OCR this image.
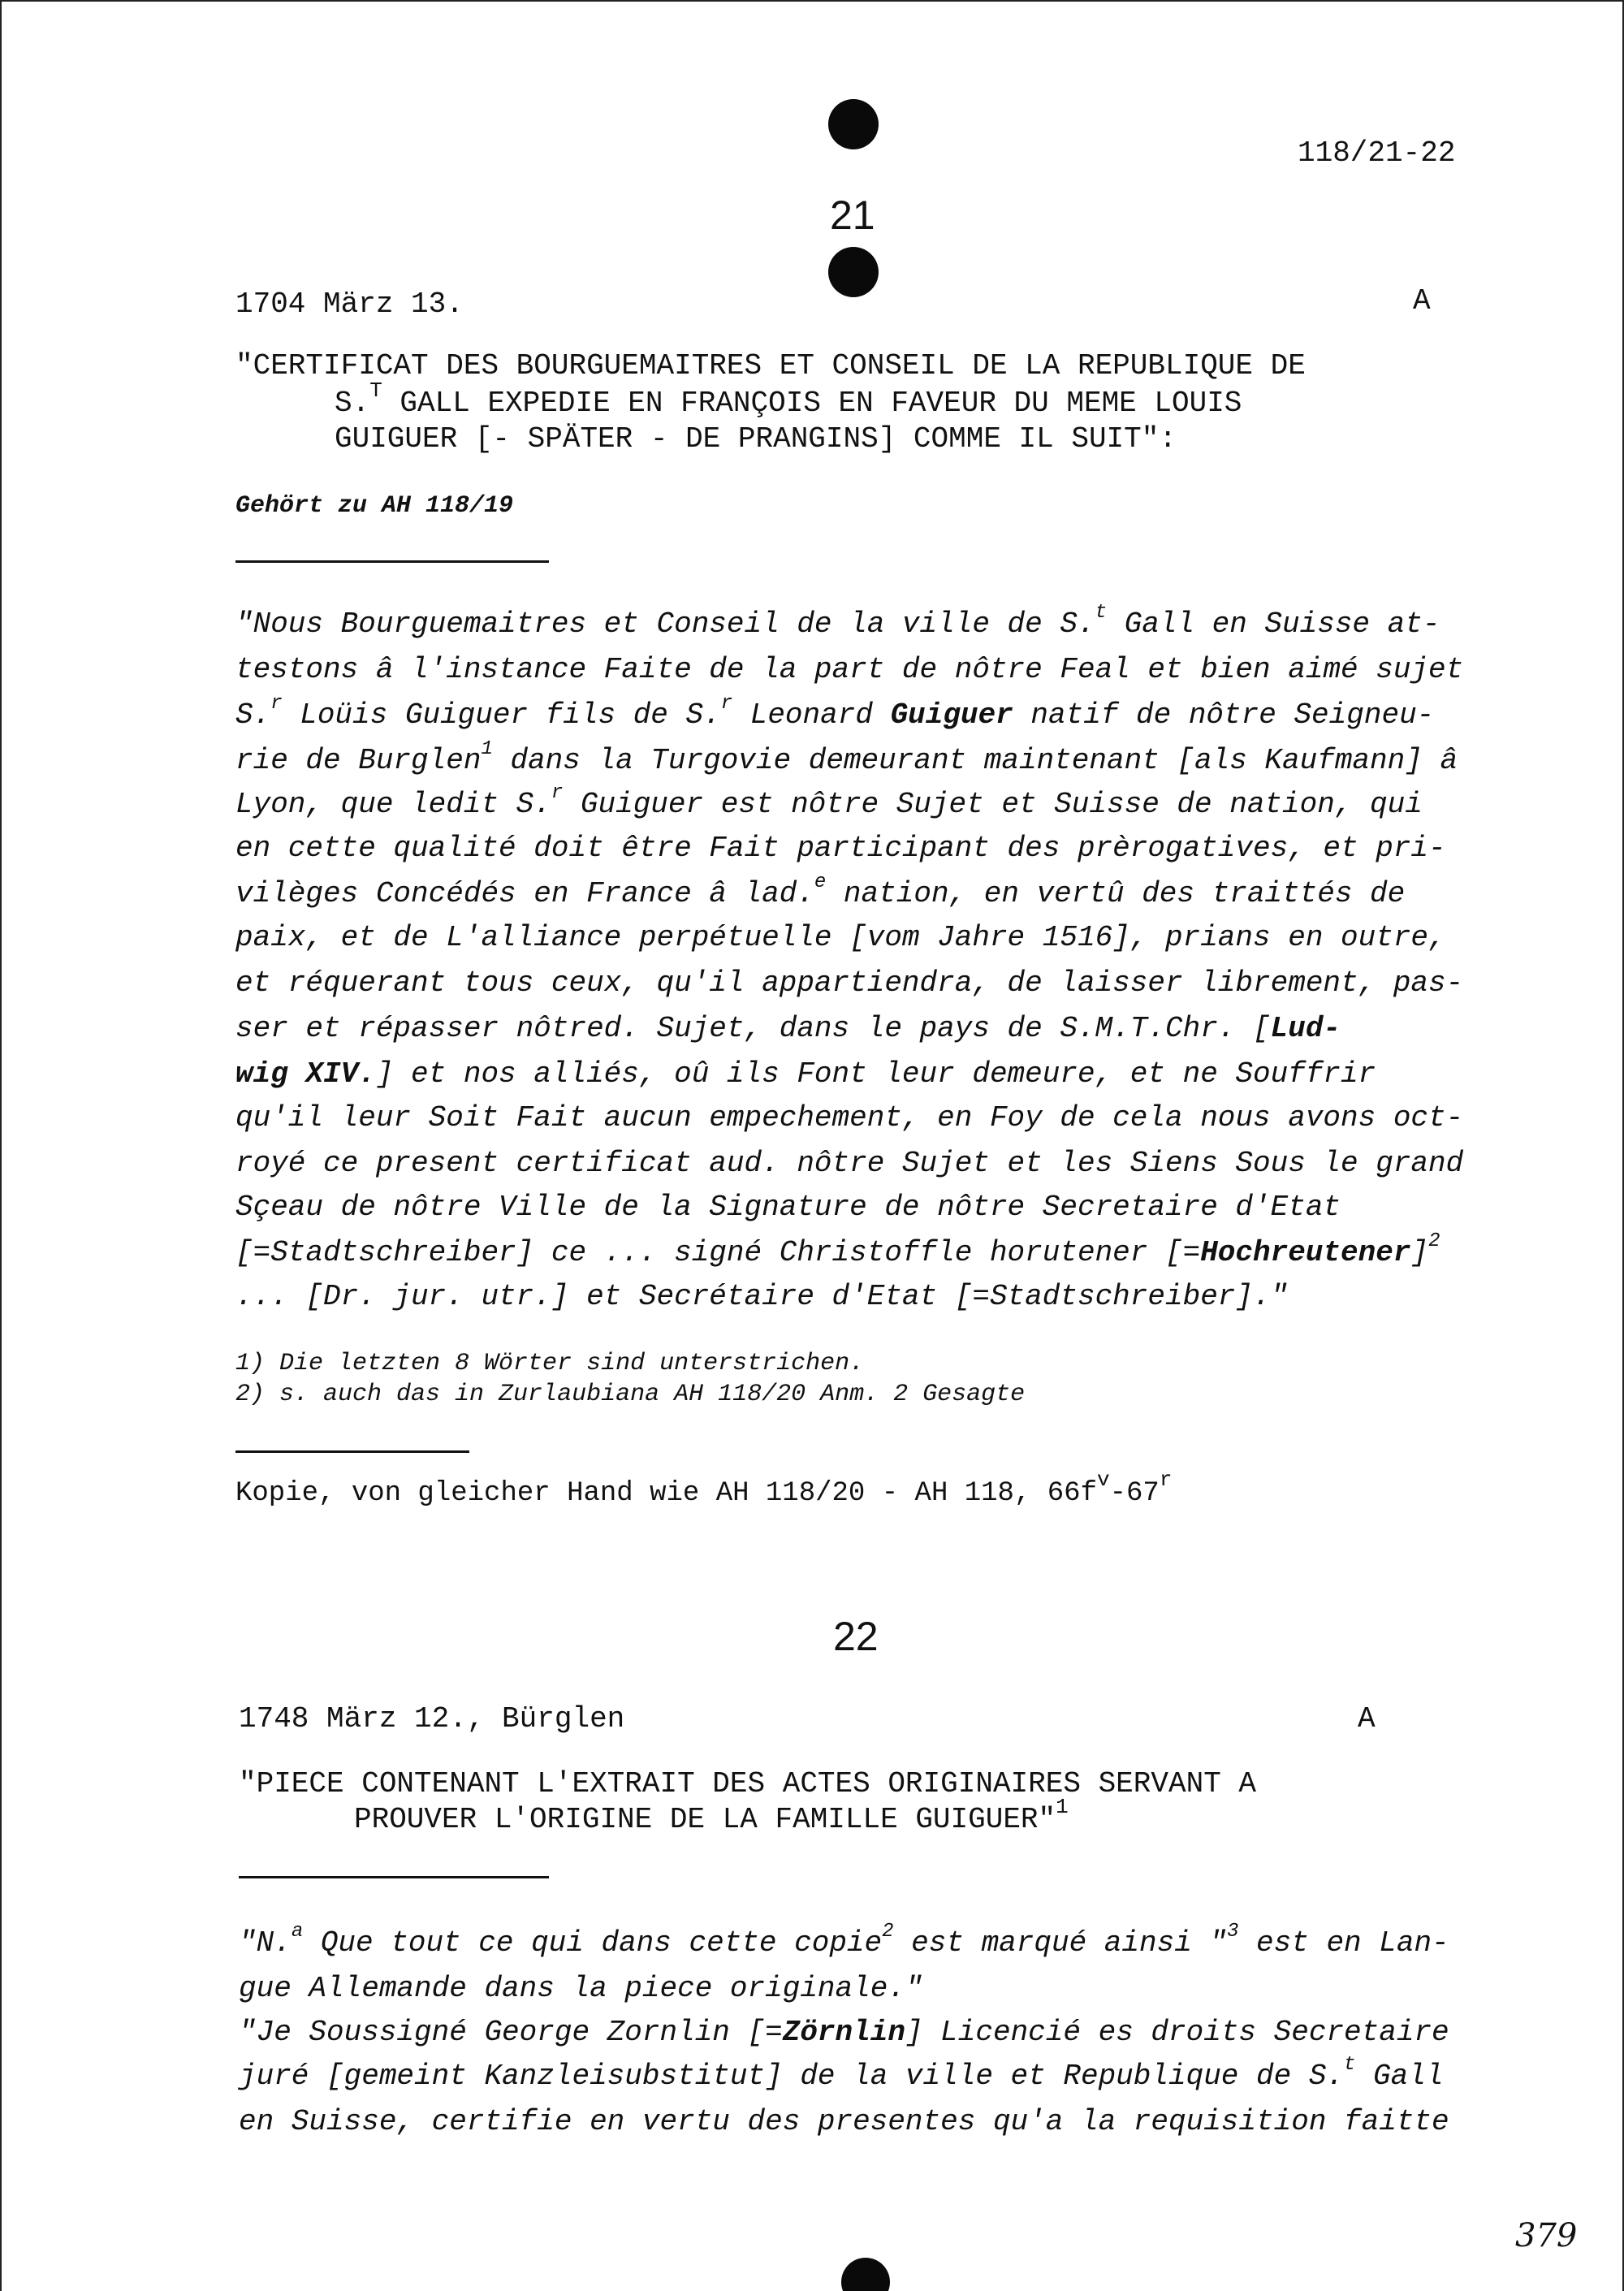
118/21-22
21
1704 März 13.	A
"CERTIFICAT DES BOURGUEMAITRES ET CONSEIL DE LA REPUBLIQUE DE
S.$^T$ GALL EXPEDIE EN FRANÇOIS EN FAVEUR DU MEME LOUIS
GUIGUER [- SPÄTER - DE PRANGINS] COMME IL SUIT":
Gehört zu AH 118/19
"Nous Bourguemaitres et Conseil de la ville de S.$^t$ Gall en Suisse at-
testons â l'instance Faite de la part de nôtre Feal et bien aimé sujet
S.$^r$ Loüis Guiguer fils de S.$^r$ Leonard Guiguer natif de nôtre Seigneu-
rie de Burglen$^1$ dans la Turgovie demeurant maintenant [als Kaufmann] â
Lyon, que ledit S.$^r$ Guiguer est nôtre Sujet et Suisse de nation, qui
en cette qualité doit être Fait participant des prèrogatives, et pri-
vilèges Concédés en France â lad.$^e$ nation, en vertû des traittés de
paix, et de L'alliance perpétuelle [vom Jahre 1516], prians en outre,
et réquerant tous ceux, qu'il appartiendra, de laisser librement, pas-
ser et répasser nôtred. Sujet, dans le pays de S.M.T.Chr. [Lud-
wig XIV.] et nos alliés, oû ils Font leur demeure, et ne Souffrir
qu'il leur Soit Fait aucun empechement, en Foy de cela nous avons oct-
royé ce present certificat aud. nôtre Sujet et les Siens Sous le grand
Sçeau de nôtre Ville de la Signature de nôtre Secretaire d'Etat
[=Stadtschreiber] ce ... signé Christoffle horutener [=Hochreutener]$^2$
... [Dr. jur. utr.] et Secrétaire d'Etat [=Stadtschreiber]."
1) Die letzten 8 Wörter sind unterstrichen.
2) s. auch das in Zurlaubiana AH 118/20 Anm. 2 Gesagte
Kopie, von gleicher Hand wie AH 118/20 - AH 118, $66f^v-67^r$
22
1748 März 12., Bürglen	A
"PIECE CONTENANT L'EXTRAIT DES ACTES ORIGINAIRES SERVANT A
PROUVER L'ORIGINE DE LA FAMILLE GUIGUER"$^1$
"N.$^a$ Que tout ce qui dans cette copie$^2$ est marqué ainsi "$^3$ est en Lan-
gue Allemande dans la piece originale."
"Je Soussigné George Zornlin [=Zörnlin] Licencié es droits Secretaire
juré [gemeint Kanzleisubstitut] de la ville et Republique de S.$^t$ Gall
en Suisse, certifie en vertu des presentes qu'a la requisition faitte
379
